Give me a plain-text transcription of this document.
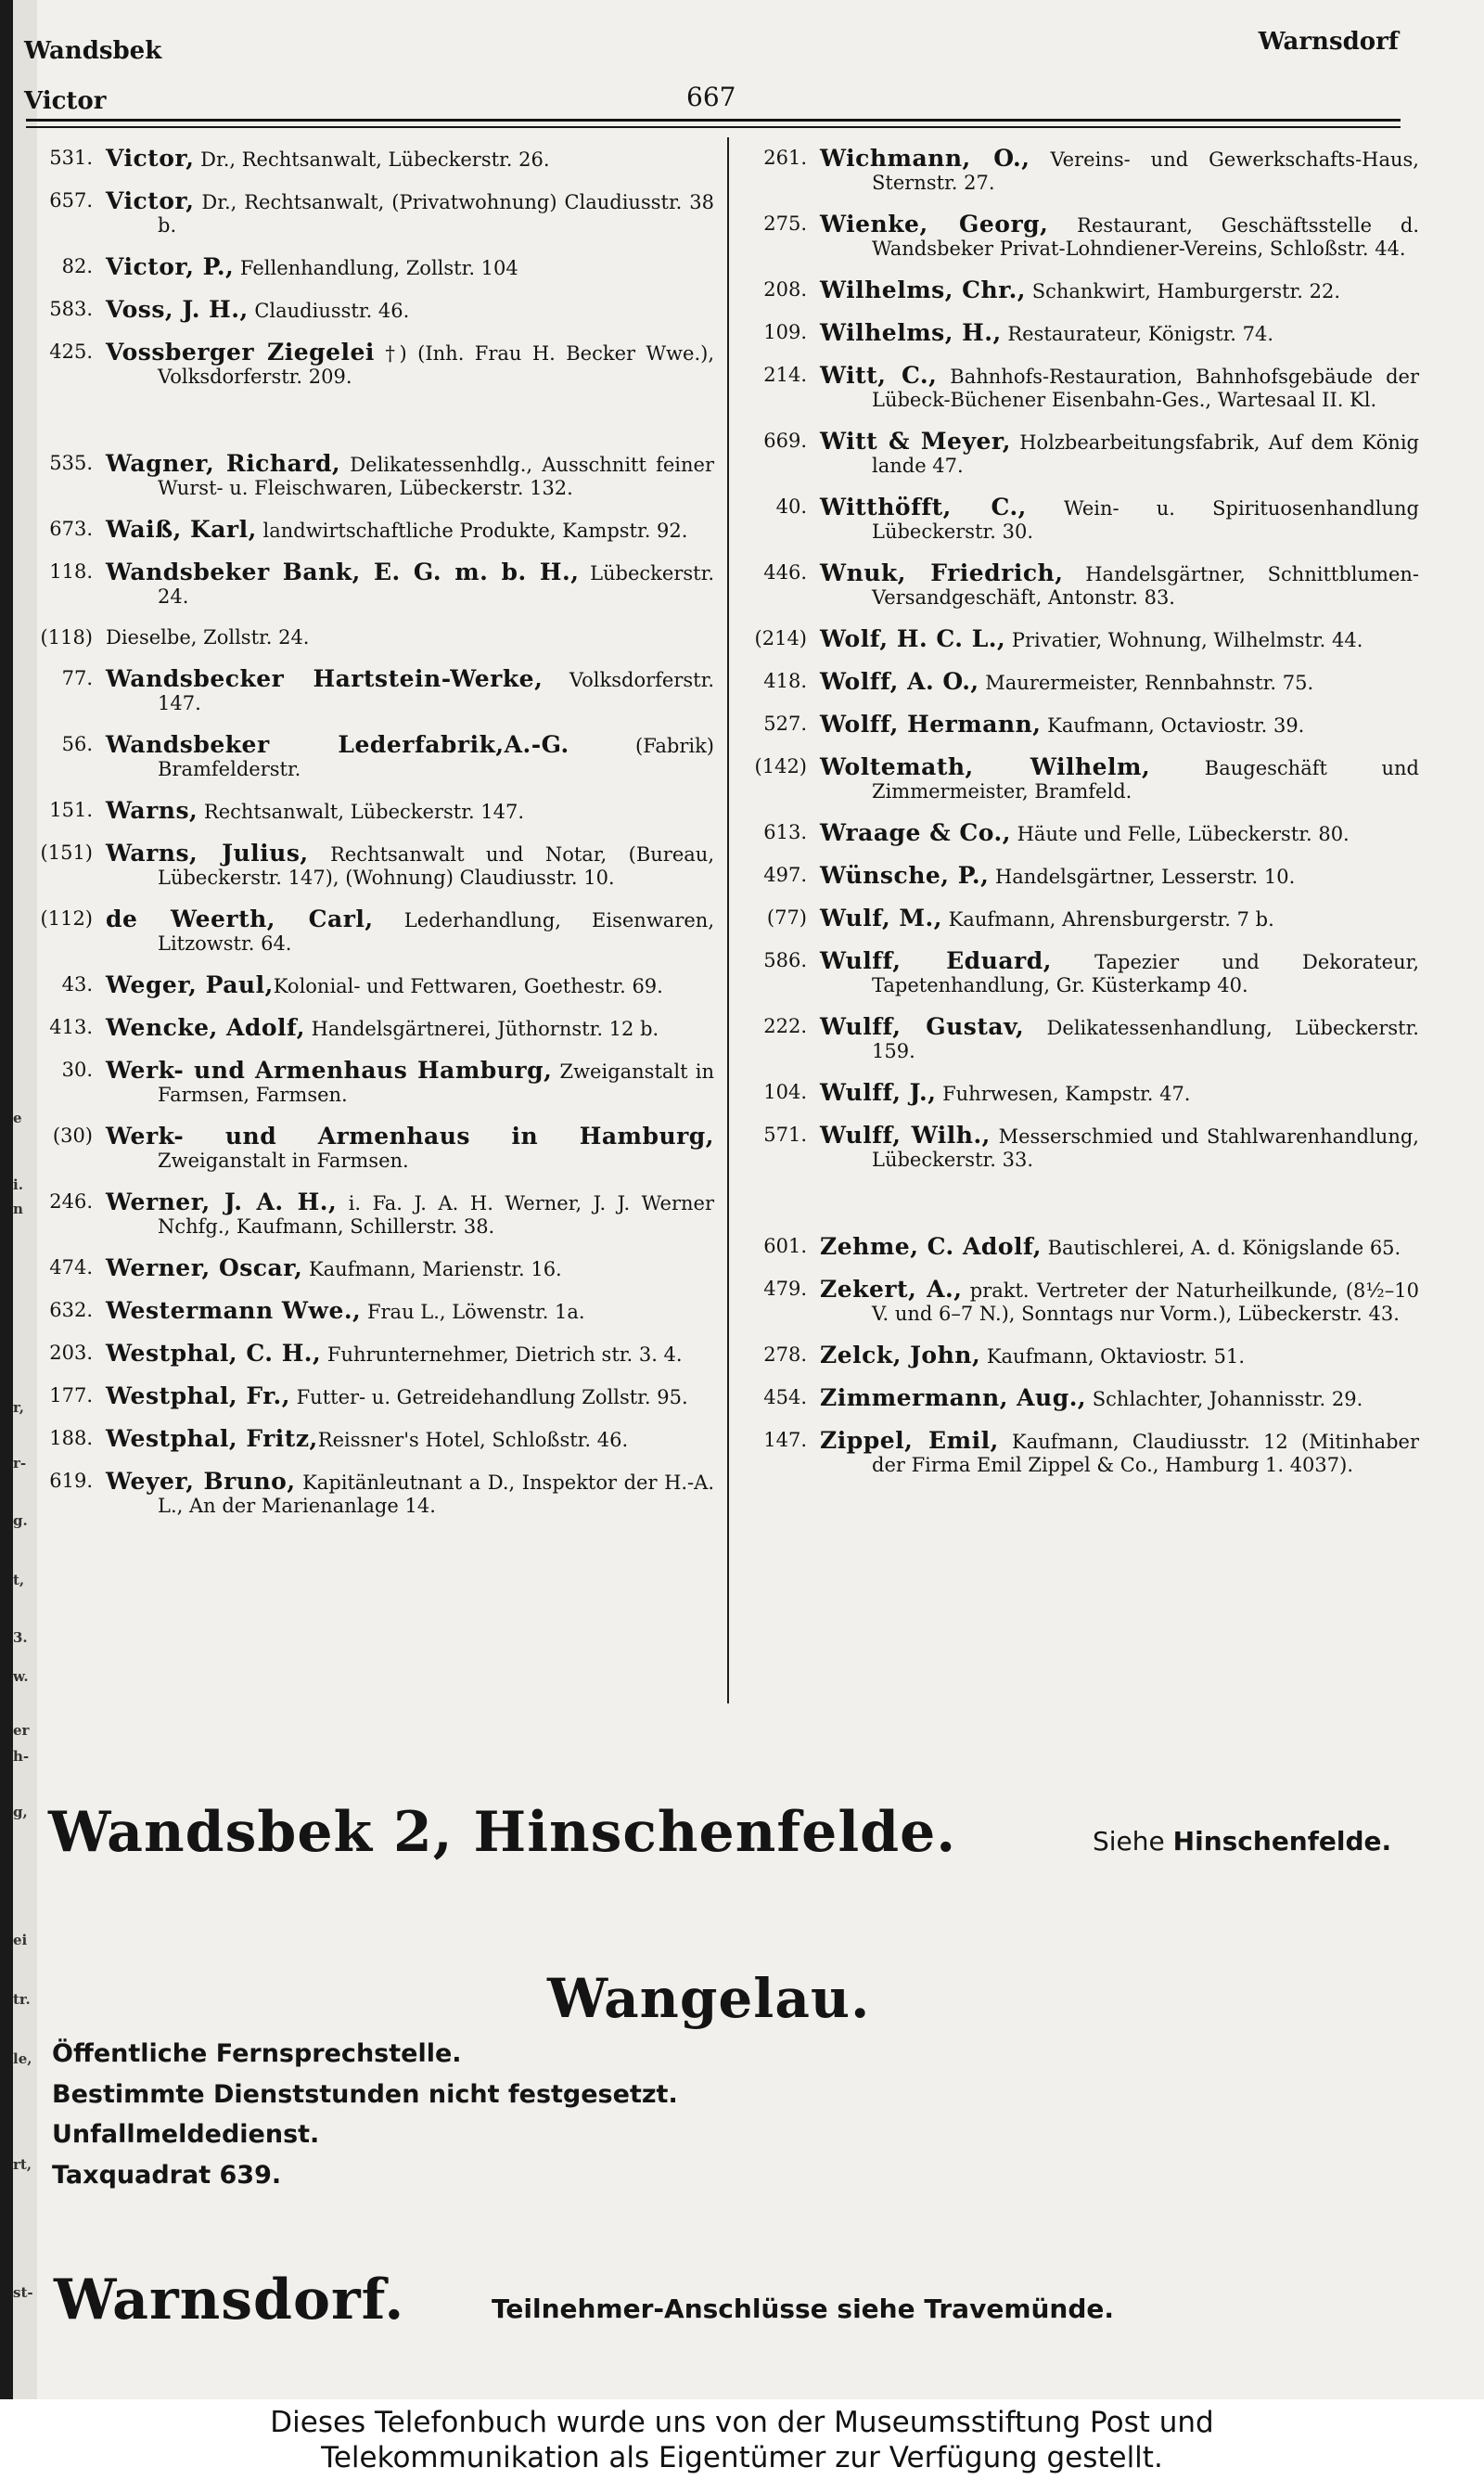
e
i.
n
r,
r-
g.
t,
3.
w.
er
h-
g,
ei
tr.
le,
rt,
st-
Wandsbek
Victor	667
Warnsdorf
531. Victor, Dr., Rechtsanwalt, Lübeckerstr. 26.
657. Victor, Dr., Rechtsanwalt, (Privatwohnung) Claudiusstr. 38 b.
82. Victor, P., Fellenhandlung, Zollstr. 104
583. Voss, J. H., Claudiusstr. 46.
425. Vossberger Ziegelei †) (Inh. Frau H. Becker Wwe.), Volksdorferstr. 209.
535. Wagner, Richard, Delikatessenhdlg., Ausschnitt feiner Wurst- u. Fleischwaren, Lübeckerstr. 132.
673. Waiß, Karl, landwirtschaftliche Produkte, Kampstr. 92.
118. Wandsbeker Bank, E. G. m. b. H., Lübeckerstr. 24.
(118) Dieselbe, Zollstr. 24.
77. Wandsbecker Hartstein-Werke, Volksdorferstr. 147.
56. Wandsbeker Lederfabrik,A.-G. (Fabrik) Bramfelderstr.
151. Warns, Rechtsanwalt, Lübeckerstr. 147.
(151) Warns, Julius, Rechtsanwalt und Notar, (Bureau, Lübeckerstr. 147), (Wohnung) Claudiusstr. 10.
(112) de Weerth, Carl, Lederhandlung, Eisenwaren, Litzowstr. 64.
43. Weger, Paul,Kolonial- und Fettwaren, Goethestr. 69.
413. Wencke, Adolf, Handelsgärtnerei, Jüthornstr. 12 b.
30. Werk- und Armenhaus Hamburg, Zweiganstalt in Farmsen, Farmsen.
(30) Werk- und Armenhaus in Hamburg, Zweiganstalt in Farmsen.
246. Werner, J. A. H., i. Fa. J. A. H. Werner, J. J. Werner Nchfg., Kaufmann, Schillerstr. 38.
474. Werner, Oscar, Kaufmann, Marienstr. 16.
632. Westermann Wwe., Frau L., Löwenstr. 1a.
203. Westphal, C. H., Fuhrunternehmer, Dietrich str. 3. 4.
177. Westphal, Fr., Futter- u. Getreidehandlung Zollstr. 95.
188. Westphal, Fritz,Reissner's Hotel, Schloßstr. 46.
619. Weyer, Bruno, Kapitänleutnant a D., Inspektor der H.-A. L., An der Marienanlage 14.
261. Wichmann, O., Vereins- und Gewerkschafts-Haus, Sternstr. 27.
275. Wienke, Georg, Restaurant, Geschäftsstelle d. Wandsbeker Privat-Lohndiener-Vereins, Schloßstr. 44.
208. Wilhelms, Chr., Schankwirt, Hamburgerstr. 22.
109. Wilhelms, H., Restaurateur, Königstr. 74.
214. Witt, C., Bahnhofs-Restauration, Bahnhofsgebäude der Lübeck-Büchener Eisenbahn-Ges., Wartesaal II. Kl.
669. Witt & Meyer, Holzbearbeitungsfabrik, Auf dem König lande 47.
40. Witthöfft, C., Wein- u. Spirituosenhandlung Lübeckerstr. 30.
446. Wnuk, Friedrich, Handelsgärtner, Schnittblumen-Versandgeschäft, Antonstr. 83.
(214) Wolf, H. C. L., Privatier, Wohnung, Wilhelmstr. 44.
418. Wolff, A. O., Maurermeister, Rennbahnstr. 75.
527. Wolff, Hermann, Kaufmann, Octaviostr. 39.
(142) Woltemath, Wilhelm, Baugeschäft und Zimmermeister, Bramfeld.
613. Wraage & Co., Häute und Felle, Lübeckerstr. 80.
497. Wünsche, P., Handelsgärtner, Lesserstr. 10.
(77) Wulf, M., Kaufmann, Ahrensburgerstr. 7 b.
586. Wulff, Eduard, Tapezier und Dekorateur, Tapetenhandlung, Gr. Küsterkamp 40.
222. Wulff, Gustav, Delikatessenhandlung, Lübeckerstr. 159.
104. Wulff, J., Fuhrwesen, Kampstr. 47.
571. Wulff, Wilh., Messerschmied und Stahlwarenhandlung, Lübeckerstr. 33.
601. Zehme, C. Adolf, Bautischlerei, A. d. Königslande 65.
479. Zekert, A., prakt. Vertreter der Naturheilkunde, (8½–10 V. und 6–7 N.), Sonntags nur Vorm.), Lübeckerstr. 43.
278. Zelck, John, Kaufmann, Oktaviostr. 51.
454. Zimmermann, Aug., Schlachter, Johannisstr. 29.
147. Zippel, Emil, Kaufmann, Claudiusstr. 12 (Mitinhaber der Firma Emil Zippel & Co., Hamburg 1. 4037).
Wandsbek 2, Hinschenfelde.	Siehe Hinschenfelde.
Wangelau.
Öffentliche Fernsprechstelle.
Bestimmte Dienststunden nicht festgesetzt.
Unfallmeldedienst.
Taxquadrat 639.
Warnsdorf.	Teilnehmer-Anschlüsse siehe Travemünde.
Dieses Telefonbuch wurde uns von der Museumsstiftung Post und
Telekommunikation als Eigentümer zur Verfügung gestellt.
